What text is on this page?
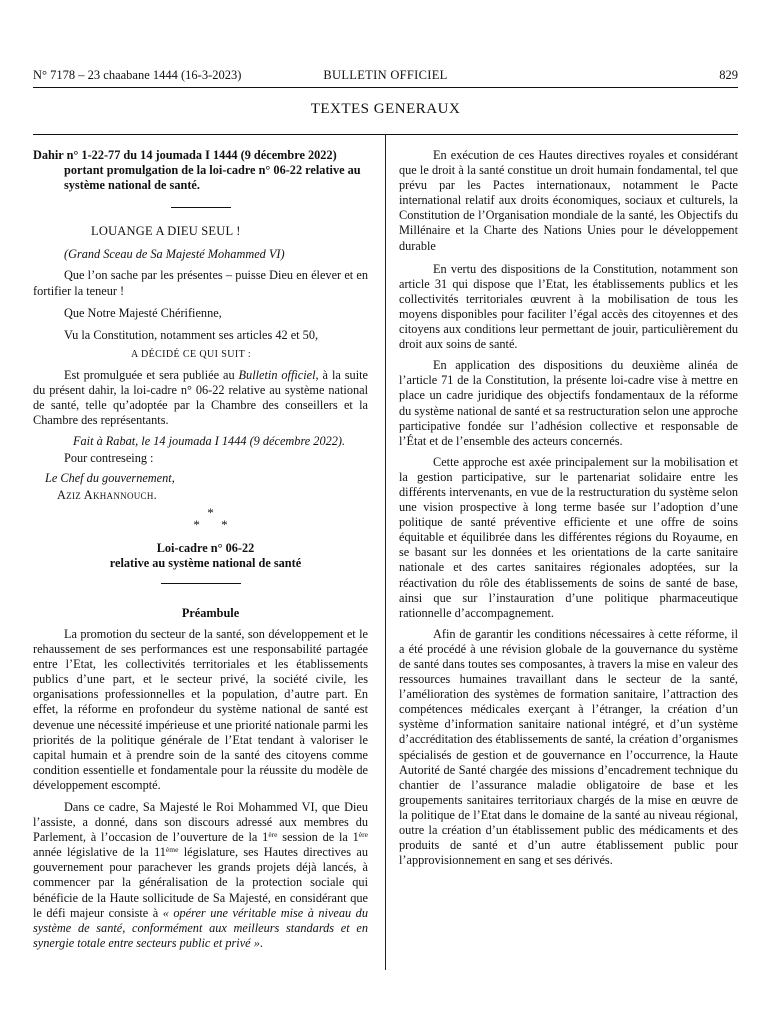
N° 7178 – 23 chaabane 1444 (16-3-2023)	BULLETIN OFFICIEL	829
TEXTES GENERAUX

Dahir n° 1-22-77 du 14 joumada I 1444 (9 décembre 2022)

portant promulgation de la loi-cadre n° 06-22 relative au

système national de santé.

LOUANGE A DIEU SEUL !

(Grand Sceau de Sa Majesté Mohammed VI)

Que l’on sache par les présentes – puisse Dieu en élever et en fortifier la teneur !

Que Notre Majesté Chérifienne,

Vu la Constitution, notamment ses articles 42 et 50,

A DÉCIDÉ CE QUI SUIT :

Est promulguée et sera publiée au Bulletin officiel, à la suite du présent dahir, la loi-cadre n° 06-22 relative au système national de santé, telle qu’adoptée par la Chambre des conseillers et la Chambre des représentants.

Fait à Rabat, le 14 joumada I 1444 (9 décembre 2022).

Pour contreseing :

Le Chef du gouvernement,

Aziz Akhannouch.

*
* *

Loi-cadre n° 06-22

relative au système national de santé

Préambule

La promotion du secteur de la santé, son développement et le rehaussement de ses performances est une responsabilité partagée entre l’Etat, les collectivités territoriales et les établissements publics d’une part, et le secteur privé, la société civile, les organisations professionnelles et la population, d’autre part. En effet, la réforme en profondeur du système national de santé est devenue une nécessité impérieuse et une priorité nationale parmi les priorités de la politique générale de l’Etat tendant à valoriser le capital humain et à prendre soin de la santé des citoyens comme condition essentielle et fondamentale pour la réussite du modèle de développement escompté.

Dans ce cadre, Sa Majesté le Roi Mohammed VI, que Dieu l’assiste, a donné, dans son discours adressé aux membres du Parlement, à l’occasion de l’ouverture de la 1ère session de la 1ère année législative de la 11ème législature, ses Hautes directives au gouvernement pour parachever les grands projets déjà lancés, à commencer par la généralisation de la protection sociale qui bénéficie de la Haute sollicitude de Sa Majesté, en considérant que le défi majeur consiste à « opérer une véritable mise à niveau du système de santé, conformément aux meilleurs standards et en synergie totale entre secteurs public et privé ».

En exécution de ces Hautes directives royales et considérant que le droit à la santé constitue un droit humain fondamental, tel que prévu par les Pactes internationaux, notamment le Pacte international relatif aux droits économiques, sociaux et culturels, la Constitution de l’Organisation mondiale de la santé, les Objectifs du Millénaire et la Charte des Nations Unies pour le développement durable

En vertu des dispositions de la Constitution, notamment son article 31 qui dispose que l’Etat, les établissements publics et les collectivités territoriales œuvrent à la mobilisation de tous les moyens disponibles pour faciliter l’égal accès des citoyennes et des citoyens aux conditions leur permettant de jouir, particulièrement du droit aux soins de santé.

En application des dispositions du deuxième alinéa de l’article 71 de la Constitution, la présente loi-cadre vise à mettre en place un cadre juridique des objectifs fondamentaux de la réforme du système national de santé et sa restructuration selon une approche participative fondée sur l’adhésion collective et responsable de l’État et de l’ensemble des acteurs concernés.

Cette approche est axée principalement sur la mobilisation et la gestion participative, sur le partenariat solidaire entre les différents intervenants, en vue de la restructuration du système selon une vision prospective à long terme basée sur l’adoption d’une politique de santé préventive efficiente et une offre de soins équitable et équilibrée dans les différentes régions du Royaume, en se basant sur les données et les orientations de la carte sanitaire nationale et des cartes sanitaires régionales adoptées, sur la réactivation du rôle des établissements de soins de santé de base, ainsi que sur l’instauration d’une politique pharmaceutique rationnelle d’accompagnement.

Afin de garantir les conditions nécessaires à cette réforme, il a été procédé à une révision globale de la gouvernance du système de santé dans toutes ses composantes, à travers la mise en valeur des ressources humaines travaillant dans le secteur de la santé, l’amélioration des systèmes de formation sanitaire, l’attraction des compétences médicales exerçant à l’étranger, la création d’un système d’information sanitaire national intégré, et d’un système d’accréditation des établissements de santé, la création d’organismes spécialisés de gestion et de gouvernance en l’occurrence, la Haute Autorité de Santé chargée des missions d’encadrement technique du chantier de l’assurance maladie obligatoire de base et les groupements sanitaires territoriaux chargés de la mise en œuvre de la politique de l’Etat dans le domaine de la santé au niveau régional, outre la création d’un établissement public des médicaments et des produits de santé et d’un autre établissement public pour l’approvisionnement en sang et ses dérivés.
